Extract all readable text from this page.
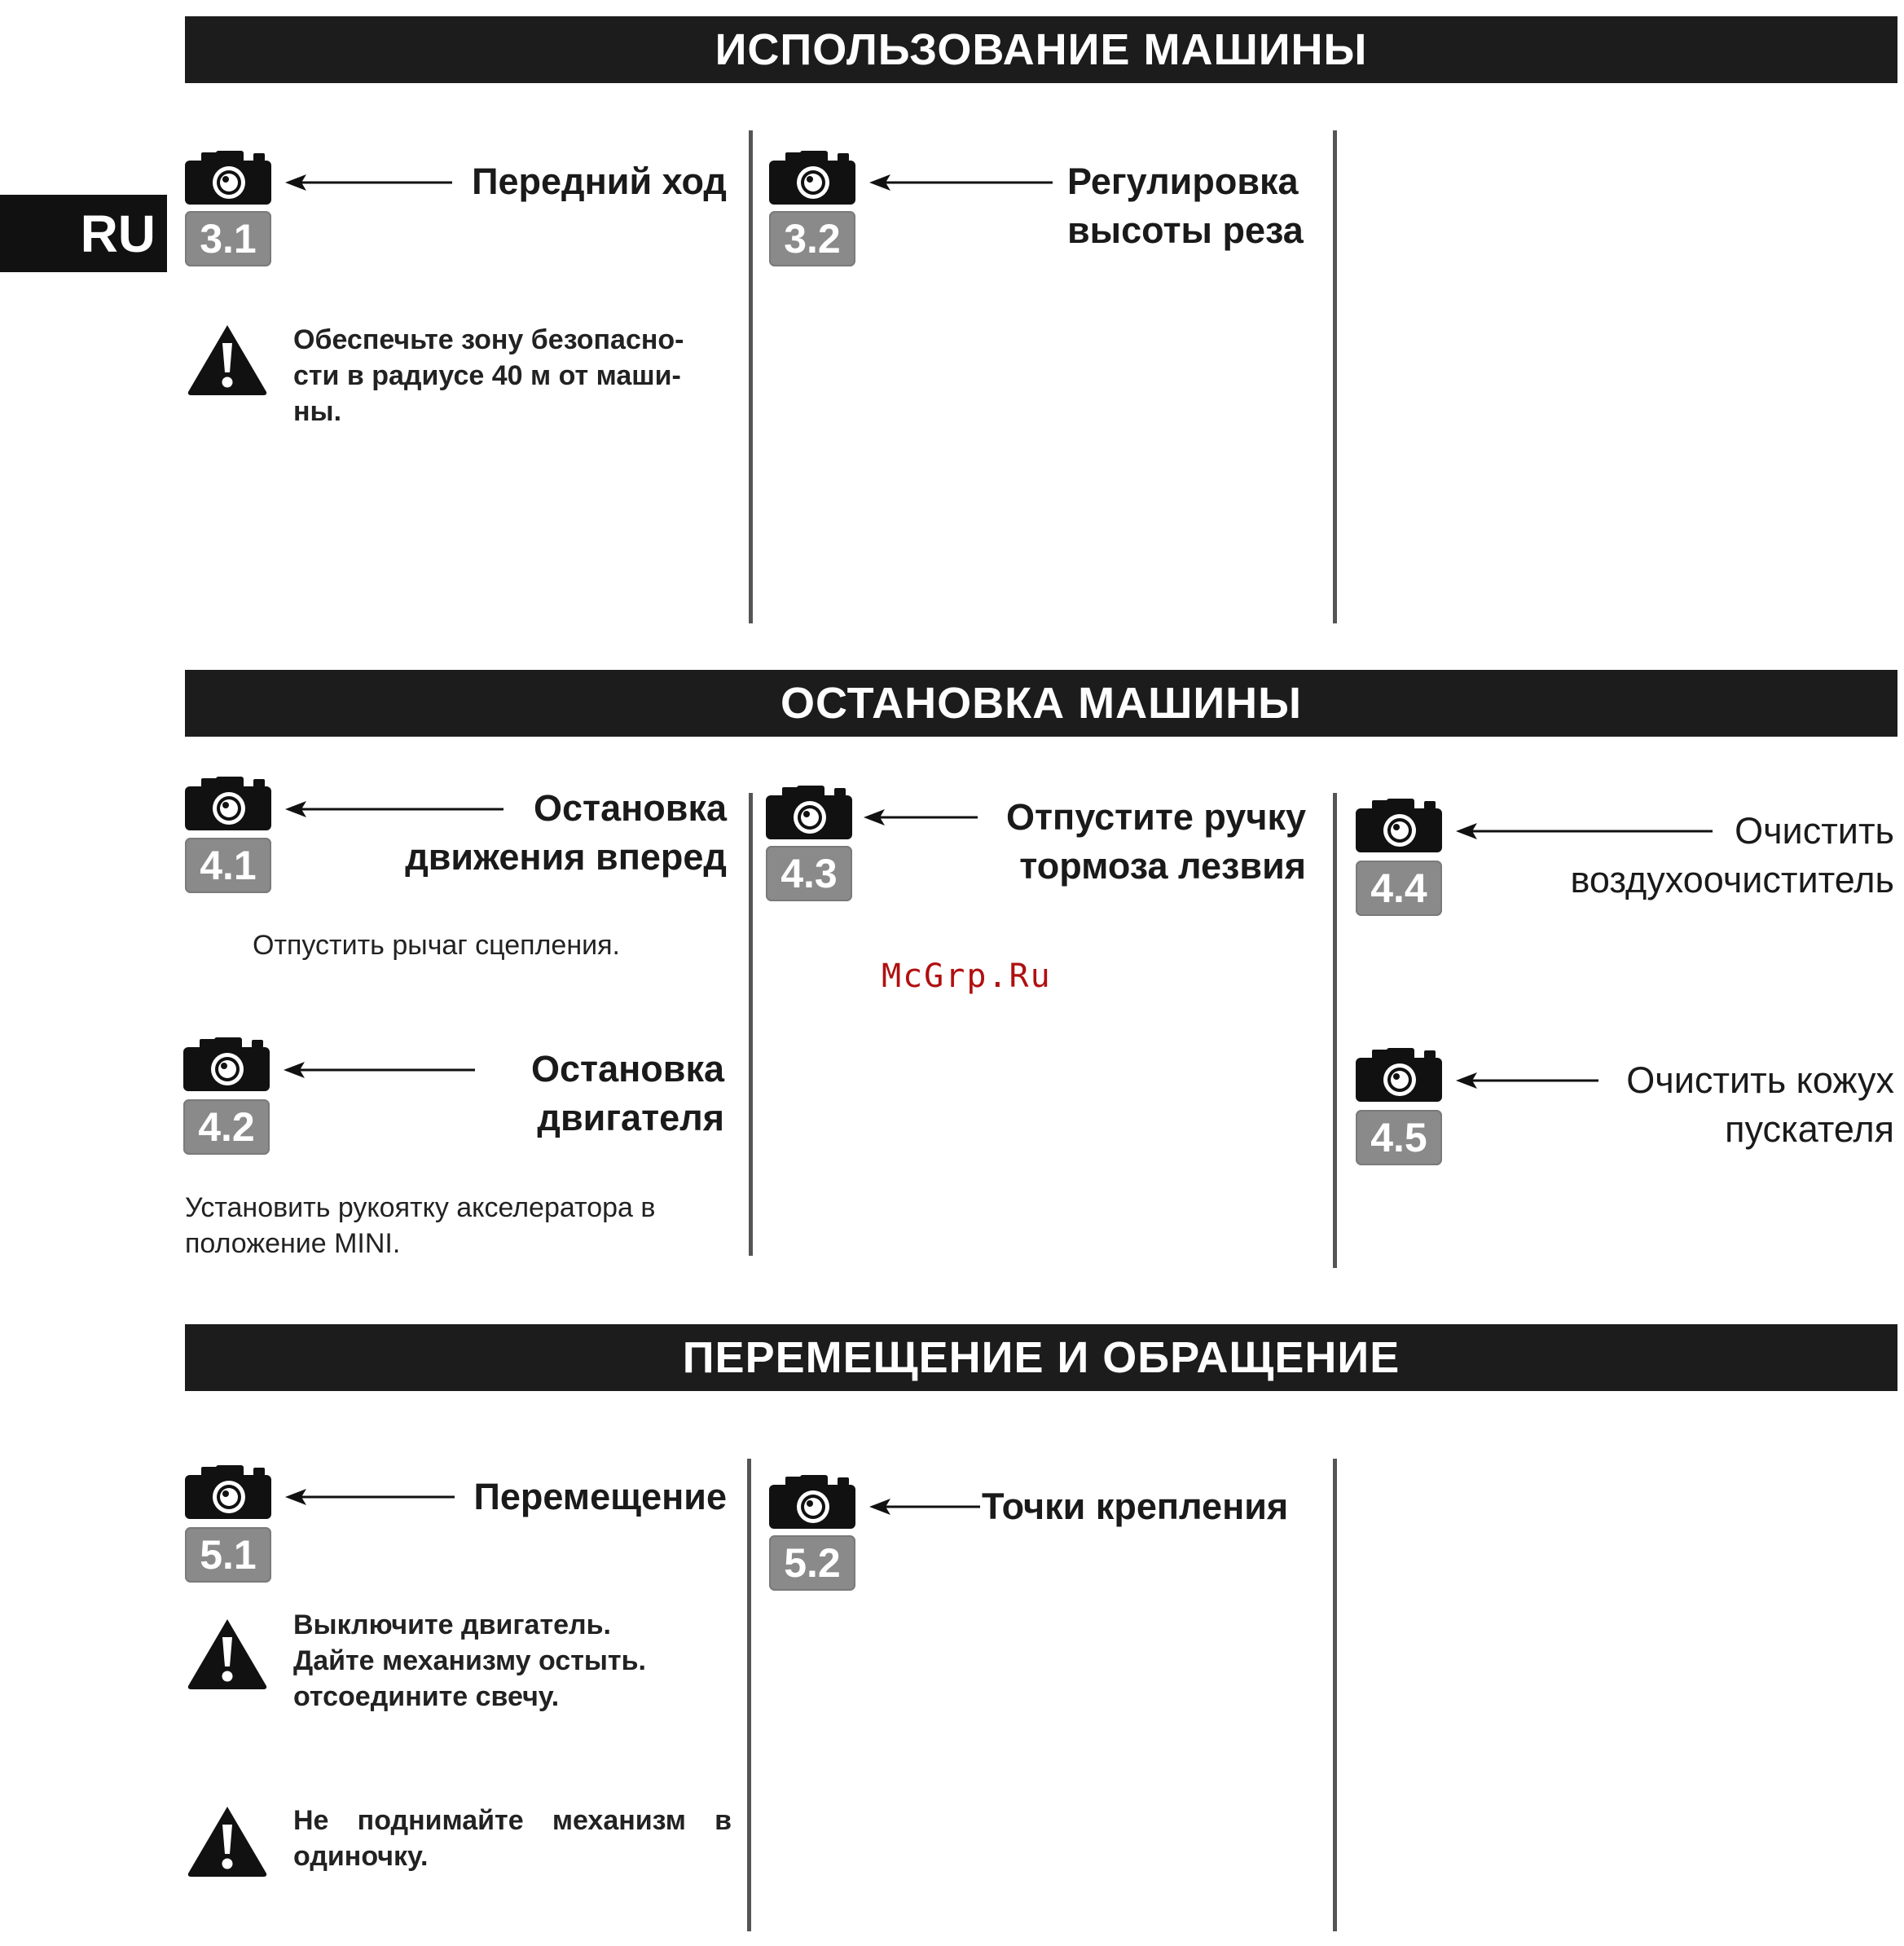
RU
ИСПОЛЬЗОВАНИЕ МАШИНЫ
ОСТАНОВКА МАШИНЫ
ПЕРЕМЕЩЕНИЕ И ОБРАЩЕНИЕ
3.1
Передний ход
Обеспечьте зону безопасно-
сти в радиусе 40 м от маши-
ны.
3.2
Регулировка
высоты реза
4.1
Остановка
движения вперед
Отпустить рычаг сцепления.
4.2
Остановка
двигателя
Установить рукоятку акселератора в
положение MINI.
4.3
Отпустите ручку
тормоза лезвия	4.4
Очистить
воздухоочиститель
4.5
Очистить кожух
пускателя
5.1
Перемещение
Выключите двигатель.
Дайте механизму остыть.
отсоедините свечу.
Не поднимайте механизм в одиночку.
5.2
Точки крепления
McGrp.Ru
